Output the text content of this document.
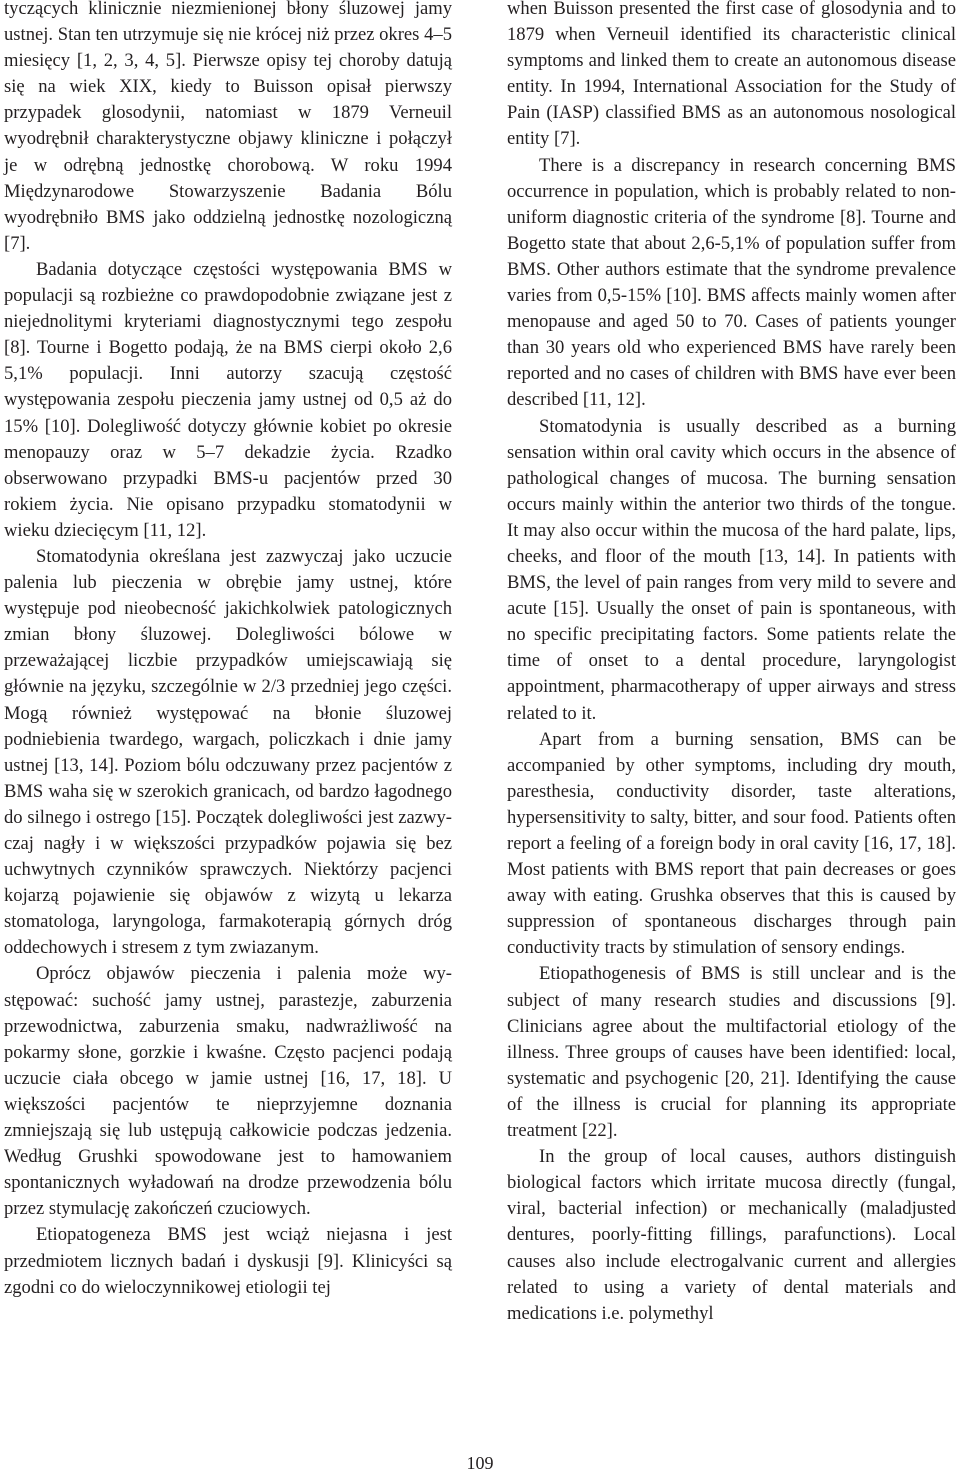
tyczących klinicznie niezmienionej błony śluzowej jamy ustnej. Stan ten utrzymuje się nie krócej niż przez okres 4–5 miesięcy [1, 2, 3, 4, 5]. Pierwsze opisy tej choroby datują się na wiek XIX, kiedy to Buisson opisał pierwszy przypadek glosodynii, natomiast w 1879 Verneuil wyodrębnił charakterystyczne objawy kliniczne i połączył je w odrębną jednostkę chorobową. W roku 1994 Międzynarodowe Stowarzyszenie Badania Bólu wyodrębniło BMS jako oddzielną jednostkę nozologiczną [7].

Badania dotyczące częstości występowania BMS w populacji są rozbieżne co prawdopodobnie związane jest z niejednolitymi kryteriami diagnostycznymi tego zespołu [8]. Tourne i Bogetto podają, że na BMS cierpi około 2,6 5,1% populacji. Inni autorzy szacują częstość występowania zespołu pieczenia jamy ustnej od 0,5 aż do 15% [10]. Dolegliwość dotyczy głównie kobiet po okresie menopauzy oraz w 5–7 dekadzie życia. Rzadko obserwowano przypadki BMS-u pacjentów przed 30 rokiem życia. Nie opisano przypadku stomatodynii w wieku dziecięcym [11, 12].

Stomatodynia określana jest zazwyczaj jako uczucie palenia lub pieczenia w obrębie jamy ustnej, które występuje pod nieobecność jakichkolwiek patologicznych zmian błony śluzowej. Dolegliwości bólowe w przeważającej liczbie przypadków umiejscawiają się głównie na języku, szczególnie w 2/3 przedniej jego części. Mogą również występować na błonie śluzowej podniebienia twardego, wargach, policzkach i dnie jamy ustnej [13, 14]. Poziom bólu odczuwany przez pacjentów z BMS waha się w szerokich granicach, od bardzo łagodnego do silnego i ostrego [15]. Początek dolegliwości jest zazwyczaj nagły i w większości przypadków pojawia się bez uchwytnych czynników sprawczych. Niektórzy pacjenci kojarzą pojawienie się objawów z wizytą u lekarza stomatologa, laryngologa, farmakoterapią górnych dróg oddechowych i stresem z tym zwiazanym.

Oprócz objawów pieczenia i palenia może występować: suchość jamy ustnej, parastezje, zaburzenia przewodnictwa, zaburzenia smaku, nadwrażliwość na pokarmy słone, gorzkie i kwaśne. Często pacjenci podają uczucie ciała obcego w jamie ustnej [16, 17, 18]. U większości pacjentów te nieprzyjemne doznania zmniejszają się lub ustępują całkowicie podczas jedzenia. Według Grushki spowodowane jest to hamowaniem spontanicznych wyładowań na drodze przewodzenia bólu przez stymulację zakończeń czuciowych.

Etiopatogeneza BMS jest wciąż niejasna i jest przedmiotem licznych badań i dyskusji [9]. Klinicyści są zgodni co do wieloczynnikowej etiologii tej

when Buisson presented the first case of glosodynia and to 1879 when Verneuil identified its characteristic clinical symptoms and linked them to create an autonomous disease entity. In 1994, International Association for the Study of Pain (IASP) classified BMS as an autonomous nosological entity [7].

There is a discrepancy in research concerning BMS occurrence in population, which is probably related to non-uniform diagnostic criteria of the syndrome [8]. Tourne and Bogetto state that about 2,6-5,1% of population suffer from BMS. Other authors estimate that the syndrome prevalence varies from 0,5-15% [10]. BMS affects mainly women after menopause and aged 50 to 70. Cases of patients younger than 30 years old who experienced BMS have rarely been reported and no cases of children with BMS have ever been described [11, 12].

Stomatodynia is usually described as a burning sensation within oral cavity which occurs in the absence of pathological changes of mucosa. The burning sensation occurs mainly within the anterior two thirds of the tongue. It may also occur within the mucosa of the hard palate, lips, cheeks, and floor of the mouth [13, 14]. In patients with BMS, the level of pain ranges from very mild to severe and acute [15]. Usually the onset of pain is spontaneous, with no specific precipitating factors. Some patients relate the time of onset to a dental procedure, laryngologist appointment, pharmacotherapy of upper airways and stress related to it.

Apart from a burning sensation, BMS can be accompanied by other symptoms, including dry mouth, paresthesia, conductivity disorder, taste alterations, hypersensitivity to salty, bitter, and sour food. Patients often report a feeling of a foreign body in oral cavity [16, 17, 18]. Most patients with BMS report that pain decreases or goes away with eating. Grushka observes that this is caused by suppression of spontaneous discharges through pain conductivity tracts by stimulation of sensory endings.

Etiopathogenesis of BMS is still unclear and is the subject of many research studies and discussions [9]. Clinicians agree about the multifactorial etiology of the illness. Three groups of causes have been identified: local, systematic and psychogenic [20, 21]. Identifying the cause of the illness is crucial for planning its appropriate treatment [22].

In the group of local causes, authors distinguish biological factors which irritate mucosa directly (fungal, viral, bacterial infection) or mechanically (maladjusted dentures, poorly-fitting fillings, parafunctions). Local causes also include electrogalvanic current and allergies related to using a variety of dental materials and medications i.e. polymethyl

109
